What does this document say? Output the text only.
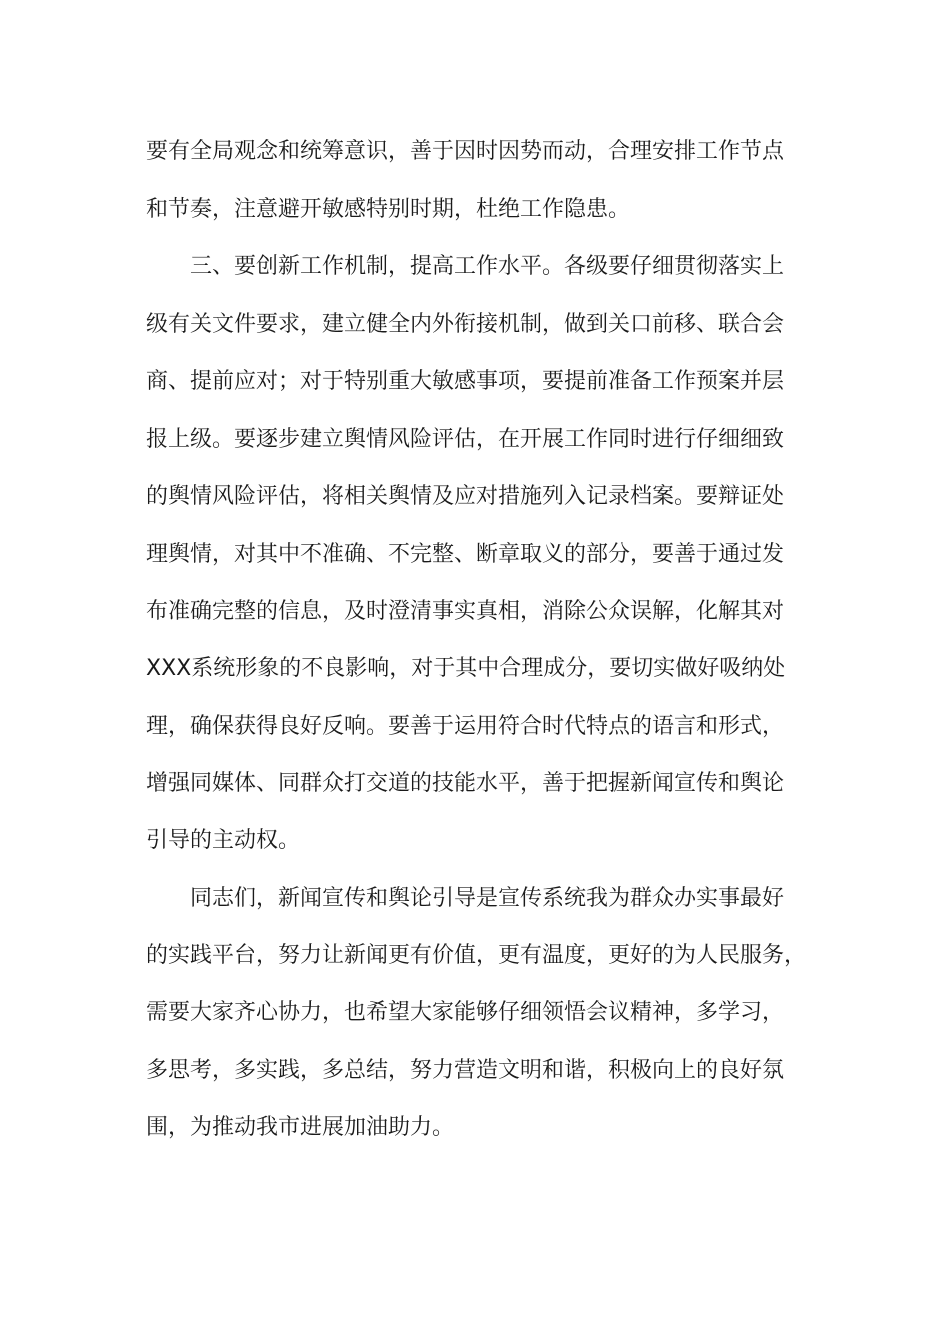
要有全局观念和统筹意识，善于因时因势而动，合理安排工作节点
和节奏，注意避开敏感特别时期，杜绝工作隐患。
三、要创新工作机制，提高工作水平。各级要仔细贯彻落实上
级有关文件要求，建立健全内外衔接机制，做到关口前移、联合会
商、提前应对；对于特别重大敏感事项，要提前准备工作预案并层
报上级。要逐步建立舆情风险评估，在开展工作同时进行仔细细致
的舆情风险评估，将相关舆情及应对措施列入记录档案。要辩证处
理舆情，对其中不准确、不完整、断章取义的部分，要善于通过发
布准确完整的信息，及时澄清事实真相，消除公众误解，化解其对
XXX系统形象的不良影响，对于其中合理成分，要切实做好吸纳处
理，确保获得良好反响。要善于运用符合时代特点的语言和形式，
增强同媒体、同群众打交道的技能水平，善于把握新闻宣传和舆论
引导的主动权。
同志们，新闻宣传和舆论引导是宣传系统我为群众办实事最好
的实践平台，努力让新闻更有价值，更有温度，更好的为人民服务，
需要大家齐心协力，也希望大家能够仔细领悟会议精神，多学习，
多思考，多实践，多总结，努力营造文明和谐，积极向上的良好氛
围，为推动我市进展加油助力。
